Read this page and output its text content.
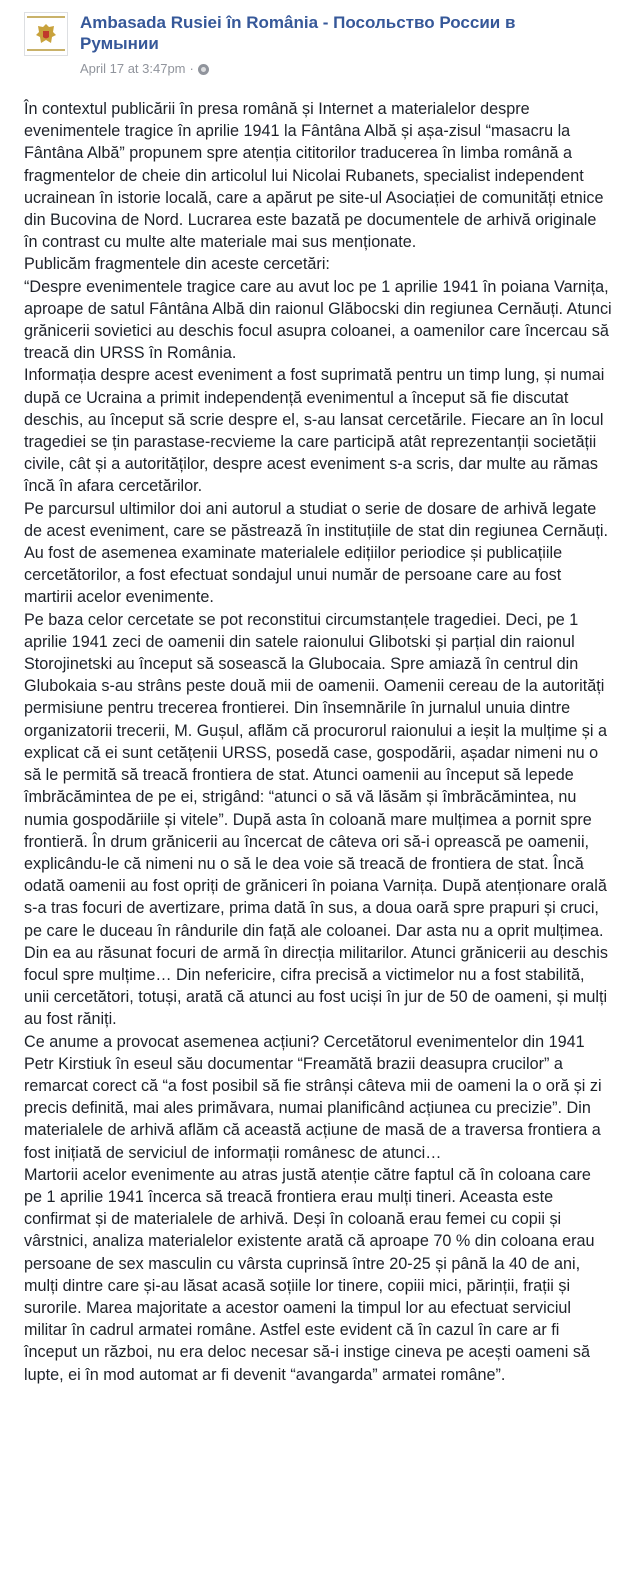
Ambasada Rusiei în România - Посольство России в Румынии
April 17 at 3:47pm ·

În contextul publicării în presa română și Internet a materialelor despre evenimentele tragice în aprilie 1941 la Fântâna Albă și așa-zisul “masacru la Fântâna Albă” propunem spre atenția cititorilor traducerea în limba română a fragmentelor de cheie din articolul lui Nicolai Rubanets, specialist independent ucrainean în istorie locală, care a apărut pe site-ul Asociației de comunități etnice din Bucovina de Nord. Lucrarea este bazată pe documentele de arhivă originale în contrast cu multe alte materiale mai sus menționate.

Publicăm fragmentele din aceste cercetări:

“Despre evenimentele tragice care au avut loc pe 1 aprilie 1941 în poiana Varnița, aproape de satul Fântâna Albă din raionul Glăbocski din regiunea Cernăuți. Atunci grănicerii sovietici au deschis focul asupra coloanei, a oamenilor care încercau să treacă din URSS în România.

Informația despre acest eveniment a fost suprimată pentru un timp lung, și numai după ce Ucraina a primit independență evenimentul a început să fie discutat deschis, au început să scrie despre el, s-au lansat cercetările. Fiecare an în locul tragediei se țin parastase-recvieme la care participă atât reprezentanții societății civile, cât și a autorităților, despre acest eveniment s-a scris, dar multe au rămas încă în afara cercetărilor.

Pe parcursul ultimilor doi ani autorul a studiat o serie de dosare de arhivă legate de acest eveniment, care se păstrează în instituțiile de stat din regiunea Cernăuți. Au fost de asemenea examinate materialele edițiilor periodice și publicațiile cercetătorilor, a fost efectuat sondajul unui număr de persoane care au fost martirii acelor evenimente.

Pe baza celor cercetate se pot reconstitui circumstanțele tragediei. Deci, pe 1 aprilie 1941 zeci de oamenii din satele raionului Glibotski și parțial din raionul Storojinetski au început să sosească la Glubocaia. Spre amiază în centrul din Glubokaia s-au strâns peste două mii de oamenii. Oamenii cereau de la autorități permisiune pentru trecerea frontierei. Din însemnările în jurnalul unuia dintre organizatorii trecerii, M. Gușul, aflăm că procurorul raionului a ieșit la mulțime și a explicat că ei sunt cetățenii URSS, posedă case, gospodării, așadar nimeni nu o să le permită să treacă frontiera de stat. Atunci oamenii au început să lepede îmbrăcămintea de pe ei, strigând: “atunci o să vă lăsăm și îmbrăcămintea, nu numia gospodăriile și vitele”. După asta în coloană mare mulțimea a pornit spre frontieră. În drum grănicerii au încercat de câteva ori să-i oprească pe oamenii, explicându-le că nimeni nu o să le dea voie să treacă de frontiera de stat. Încă odată oamenii au fost opriți de grăniceri în poiana Varnița. După atenționare orală s-a tras focuri de avertizare, prima dată în sus, a doua oară spre prapuri și cruci, pe care le duceau în rândurile din față ale coloanei. Dar asta nu a oprit mulțimea. Din ea au răsunat focuri de armă în direcția militarilor. Atunci grănicerii au deschis focul spre mulțime… Din nefericire, cifra precisă a victimelor nu a fost stabilită, unii cercetători, totuși, arată că atunci au fost uciși în jur de 50 de oameni, și mulți au fost răniți.

Ce anume a provocat asemenea acțiuni? Cercetătorul evenimentelor din 1941 Petr Kirstiuk în eseul său documentar “Freamătă brazii deasupra crucilor” a remarcat corect că “a fost posibil să fie strânși câteva mii de oameni la o oră și zi precis definită, mai ales primăvara, numai planificând acțiunea cu precizie”. Din materialele de arhivă aflăm că această acțiune de masă de a traversa frontiera a fost inițiată de serviciul de informații românesc de atunci…

Martorii acelor evenimente au atras justă atenție către faptul că în coloana care pe 1 aprilie 1941 încerca să treacă frontiera erau mulți tineri. Aceasta este confirmat și de materialele de arhivă. Deși în coloană erau femei cu copii și vârstnici, analiza materialelor existente arată că aproape 70 % din coloana erau persoane de sex masculin cu vârsta cuprinsă între 20-25 și până la 40 de ani, mulți dintre care și-au lăsat acasă soțiile lor tinere, copiii mici, părinții, frații și surorile. Marea majoritate a acestor oameni la timpul lor au efectuat serviciul militar în cadrul armatei române. Astfel este evident că în cazul în care ar fi început un război, nu era deloc necesar să-i instige cineva pe acești oameni să lupte, ei în mod automat ar fi devenit “avangarda” armatei române”.
